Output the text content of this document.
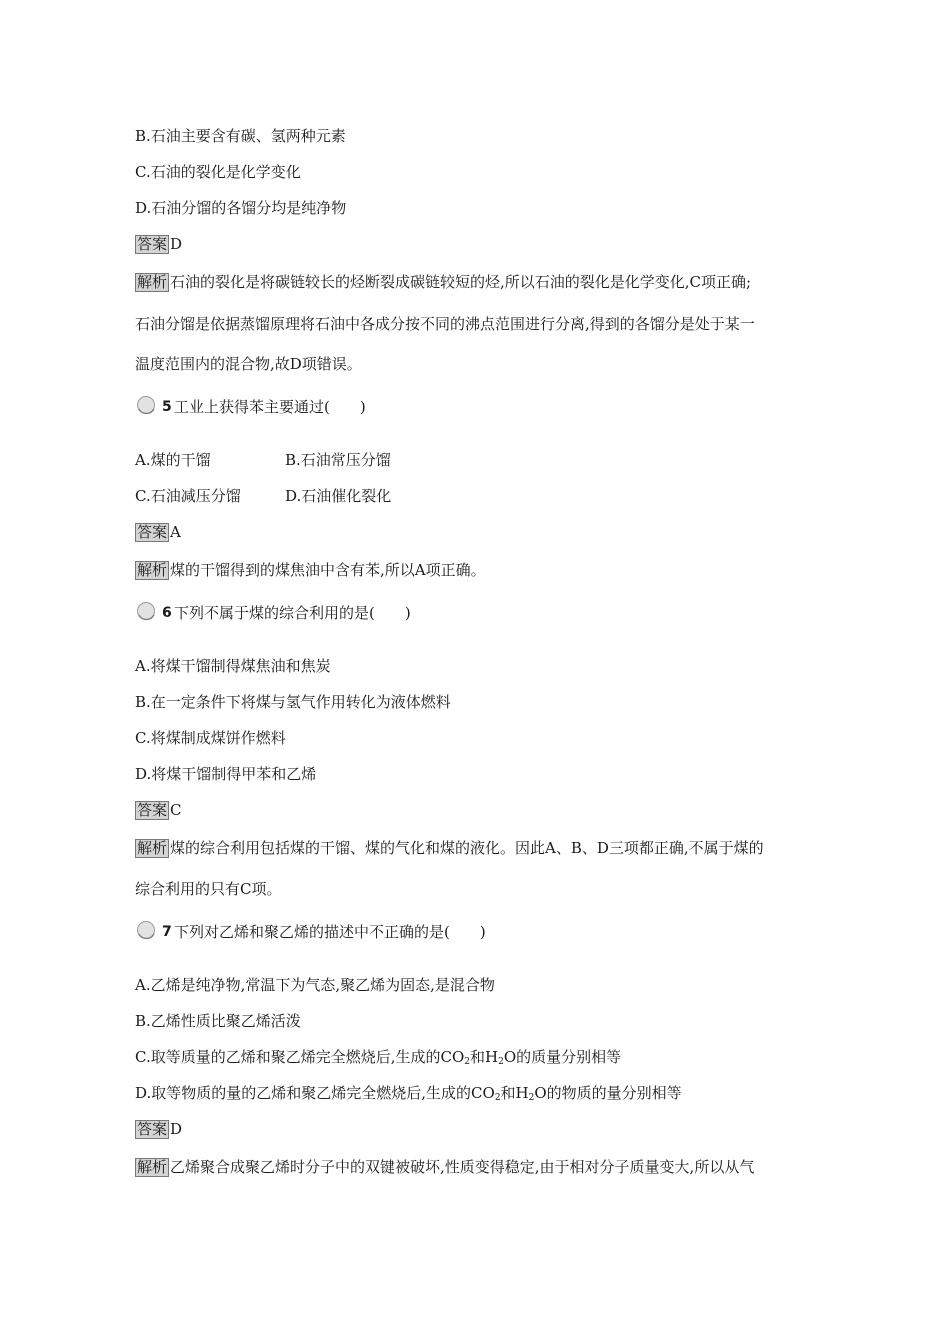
B.石油主要含有碳、氢两种元素
C.石油的裂化是化学变化
D.石油分馏的各馏分均是纯净物
答案 D
解析 石油的裂化是将碳链较长的烃断裂成碳链较短的烃,所以石油的裂化是化学变化,C项正确;
石油分馏是依据蒸馏原理将石油中各成分按不同的沸点范围进行分离,得到的各馏分是处于某一
温度范围内的混合物,故D项错误。
5 工业上获得苯主要通过(　　)
A.煤的干馏	B.石油常压分馏
C.石油减压分馏	D.石油催化裂化
答案 A
解析 煤的干馏得到的煤焦油中含有苯,所以A项正确。
6 下列不属于煤的综合利用的是(　　)
A.将煤干馏制得煤焦油和焦炭
B.在一定条件下将煤与氢气作用转化为液体燃料
C.将煤制成煤饼作燃料
D.将煤干馏制得甲苯和乙烯
答案 C
解析 煤的综合利用包括煤的干馏、煤的气化和煤的液化。因此A、B、D三项都正确,不属于煤的
综合利用的只有C项。
7 下列对乙烯和聚乙烯的描述中不正确的是(　　)
A.乙烯是纯净物,常温下为气态,聚乙烯为固态,是混合物
B.乙烯性质比聚乙烯活泼
C.取等质量的乙烯和聚乙烯完全燃烧后,生成的$CO_2$和$H_2O$的质量分别相等
D.取等物质的量的乙烯和聚乙烯完全燃烧后,生成的$CO_2$和$H_2O$的物质的量分别相等
答案 D
解析 乙烯聚合成聚乙烯时分子中的双键被破坏,性质变得稳定,由于相对分子质量变大,所以从气
